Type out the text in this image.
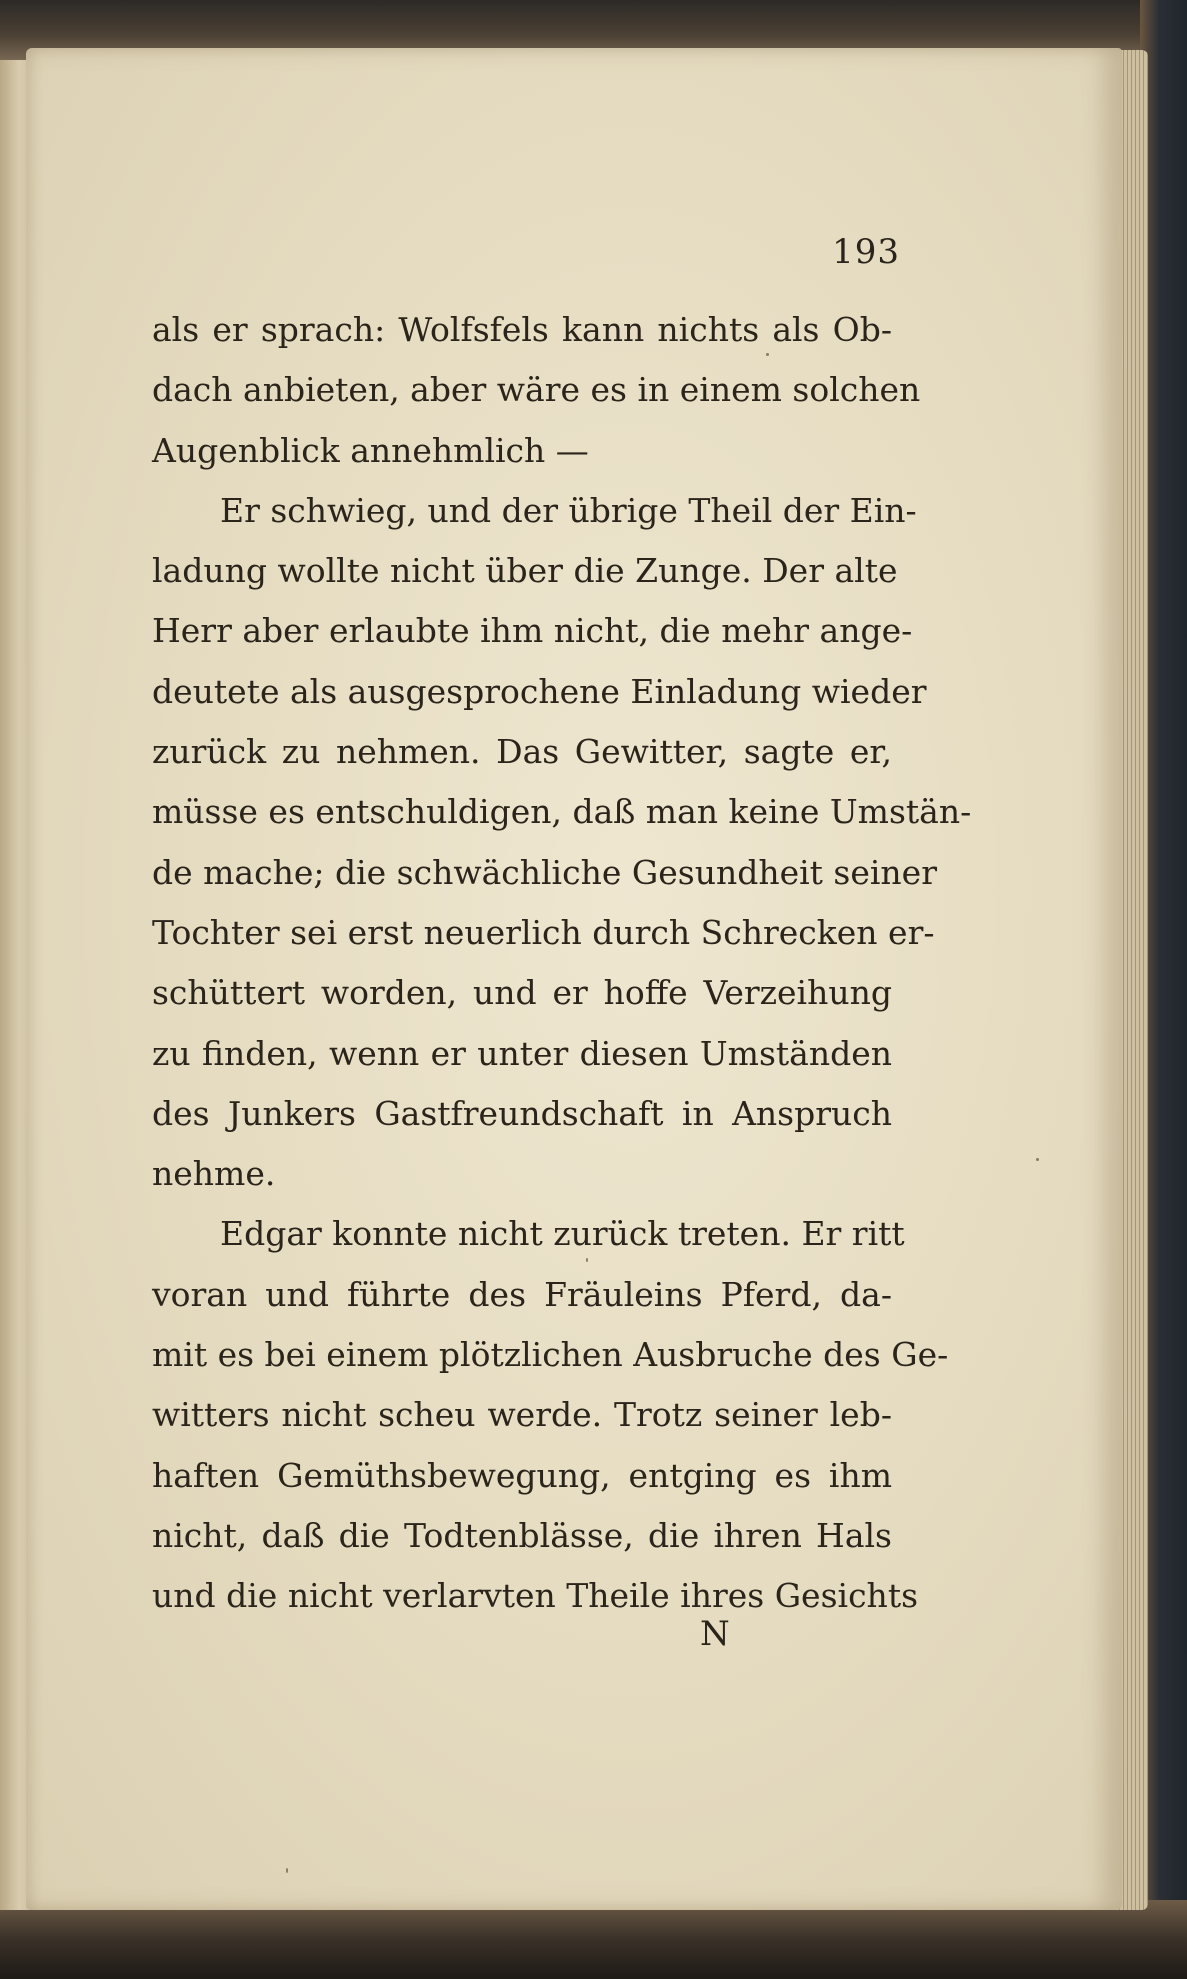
193
als er sprach: Wolfsfels kann nichts als Ob-
dach anbieten, aber wäre es in einem solchen
Augenblick annehmlich —
Er schwieg, und der übrige Theil der Ein-
ladung wollte nicht über die Zunge. Der alte
Herr aber erlaubte ihm nicht, die mehr ange-
deutete als ausgesprochene Einladung wieder
zurück zu nehmen. Das Gewitter, sagte er,
müsse es entschuldigen, daß man keine Umstän-
de mache; die schwächliche Gesundheit seiner
Tochter sei erst neuerlich durch Schrecken er-
schüttert worden, und er hoffe Verzeihung
zu finden, wenn er unter diesen Umständen
des Junkers Gastfreundschaft in Anspruch
nehme.
Edgar konnte nicht zurück treten. Er ritt
voran und führte des Fräuleins Pferd, da-
mit es bei einem plötzlichen Ausbruche des Ge-
witters nicht scheu werde. Trotz seiner leb-
haften Gemüthsbewegung, entging es ihm
nicht, daß die Todtenblässe, die ihren Hals
und die nicht verlarvten Theile ihres Gesichts
N
